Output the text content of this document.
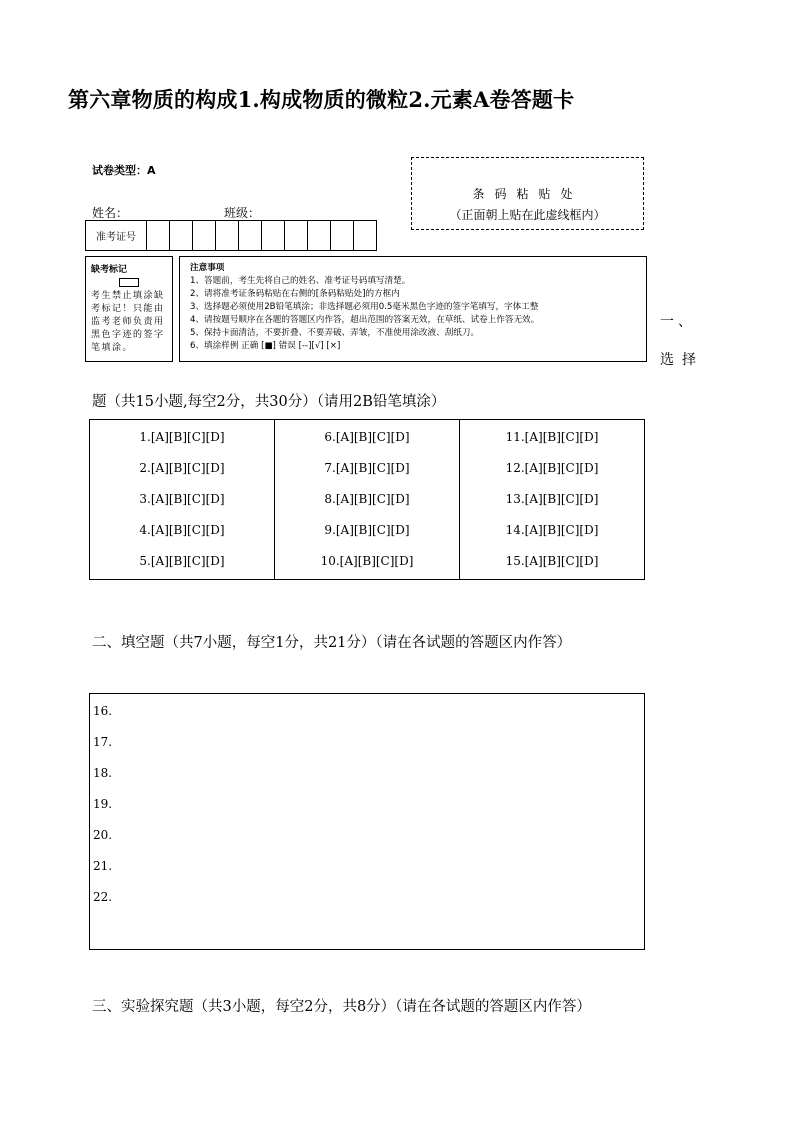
第六章物质的构成1.构成物质的微粒2.元素A卷答题卡
试卷类型：A
姓名：	班级：
条码粘贴处
（正面朝上贴在此虚线框内）
准考证号
缺考标记
考生禁止填涂缺考标记！只能由监考老师负责用黑色字迹的签字笔填涂。
注意事项
1、答题前，考生先将自己的姓名、准考证号码填写清楚。
2、请将准考证条码粘贴在右侧的[条码粘贴处]的方框内
3、选择题必须使用2B铅笔填涂；非选择题必须用0.5毫米黑色字迹的签字笔填写，字体工整
4、请按题号顺序在各题的答题区内作答，超出范围的答案无效，在草纸、试卷上作答无效。
5、保持卡面清洁，不要折叠、不要弄破、弄皱，不准使用涂改液、刮纸刀。
6、填涂样例 正确 [■] 错误 [--][√] [×]
一、
选择
题（共15小题,每空2分，共30分）（请用2B铅笔填涂）
1.[A][B][C][D]
2.[A][B][C][D]
3.[A][B][C][D]
4.[A][B][C][D]
5.[A][B][C][D]
6.[A][B][C][D]
7.[A][B][C][D]
8.[A][B][C][D]
9.[A][B][C][D]
10.[A][B][C][D]
11.[A][B][C][D]
12.[A][B][C][D]
13.[A][B][C][D]
14.[A][B][C][D]
15.[A][B][C][D]
二、填空题（共7小题，每空1分，共21分）（请在各试题的答题区内作答）
16.
17.
18.
19.
20.
21.
22.
三、实验探究题（共3小题，每空2分，共8分）（请在各试题的答题区内作答）
